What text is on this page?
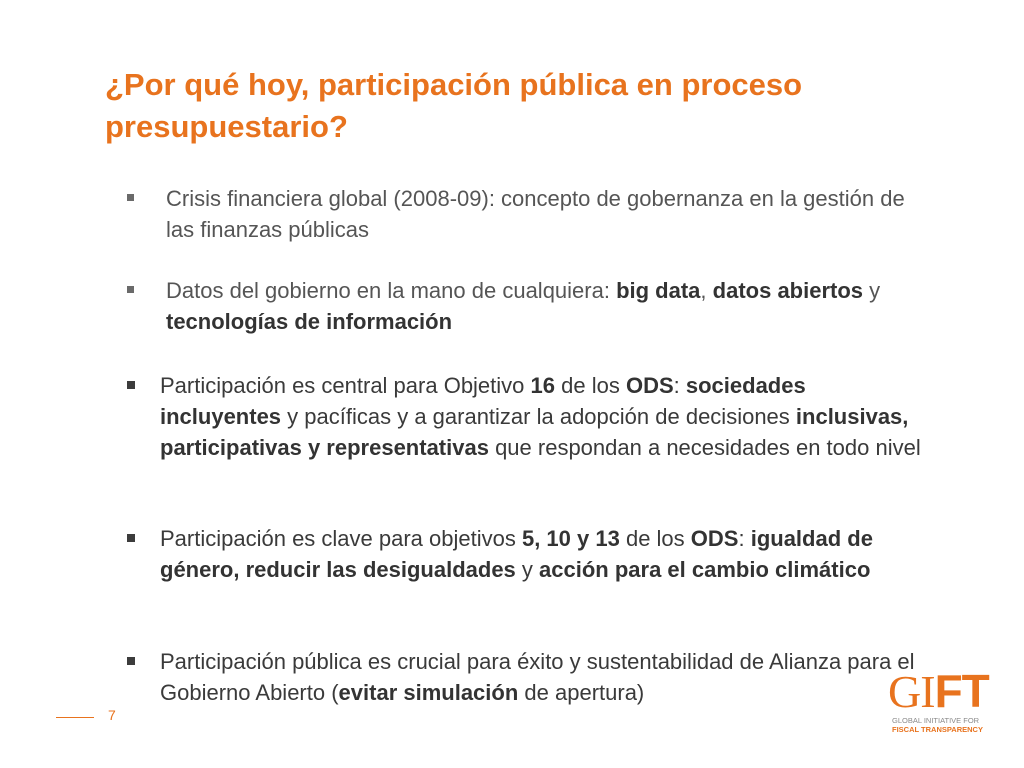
¿Por qué hoy, participación pública en proceso presupuestario?
Crisis financiera global (2008-09): concepto de gobernanza en la gestión de las finanzas públicas
Datos del gobierno en la mano de cualquiera: big data, datos abiertos y tecnologías de información
Participación es central para Objetivo 16 de los ODS: sociedades incluyentes y pacíficas y a garantizar la adopción de decisiones inclusivas, participativas y representativas que respondan a necesidades en todo nivel
Participación es clave para objetivos 5, 10 y 13 de los ODS: igualdad de género, reducir las desigualdades y acción para el cambio climático
Participación pública es crucial para éxito y sustentabilidad de Alianza para el Gobierno Abierto (evitar simulación de apertura)
7	GIFT
GLOBAL INITIATIVE FOR
FISCAL TRANSPARENCY
